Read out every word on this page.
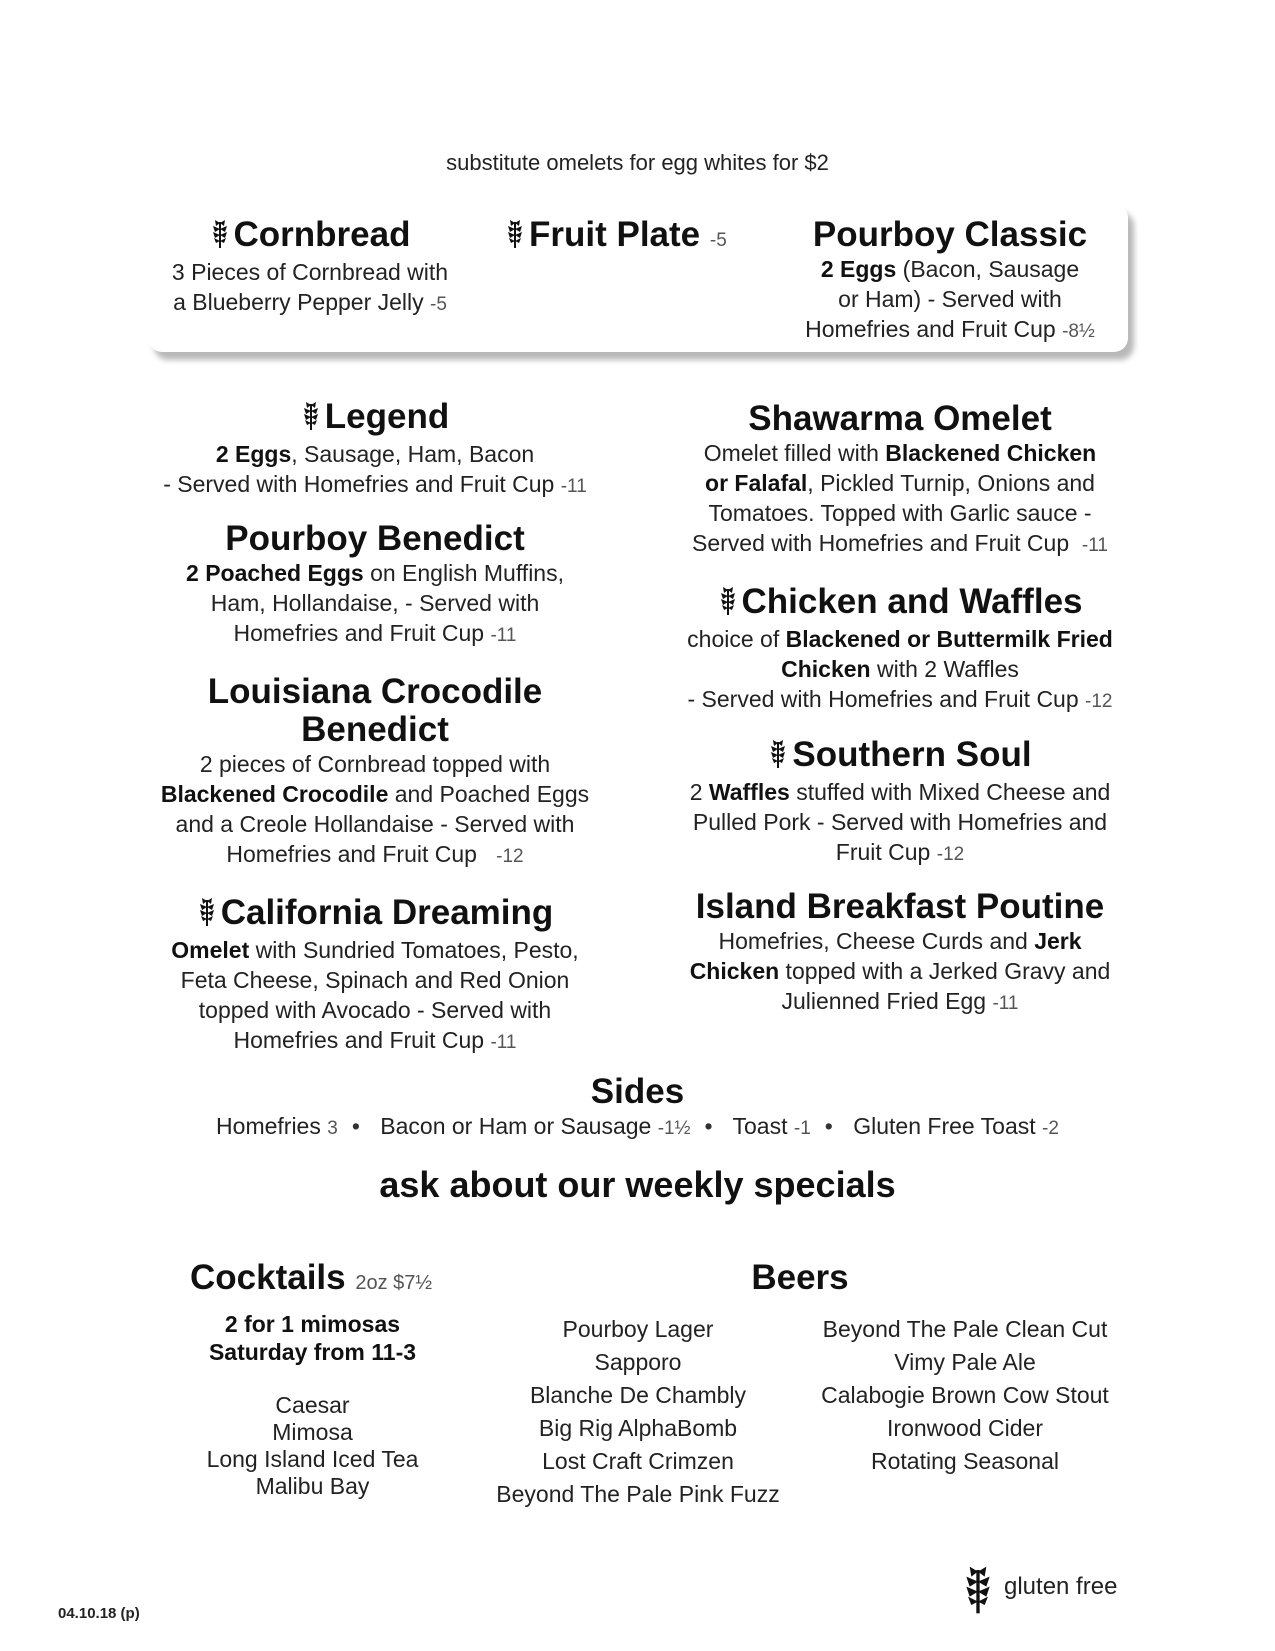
substitute omelets for egg whites for $2
Cornbread
3 Pieces of Cornbread with
a Blueberry Pepper Jelly -5
Fruit Plate -5	Pourboy Classic
2 Eggs (Bacon, Sausage
or Ham) - Served with
Homefries and Fruit Cup -8½
Legend
2 Eggs, Sausage, Ham, Bacon
- Served with Homefries and Fruit Cup -11
Pourboy Benedict
2 Poached Eggs on English Muffins,
Ham, Hollandaise, - Served with
Homefries and Fruit Cup -11
Louisiana Crocodile
Benedict
2 pieces of Cornbread topped with
Blackened Crocodile and Poached Eggs
and a Creole Hollandaise - Served with
Homefries and Fruit Cup -12
California Dreaming
Omelet with Sundried Tomatoes, Pesto,
Feta Cheese, Spinach and Red Onion
topped with Avocado - Served with
Homefries and Fruit Cup -11
Shawarma Omelet
Omelet filled with Blackened Chicken
or Falafal, Pickled Turnip, Onions and
Tomatoes. Topped with Garlic sauce -
Served with Homefries and Fruit Cup -11
Chicken and Waffles
choice of Blackened or Buttermilk Fried
Chicken with 2 Waffles
- Served with Homefries and Fruit Cup -12
Southern Soul
2 Waffles stuffed with Mixed Cheese and
Pulled Pork - Served with Homefries and
Fruit Cup -12
Island Breakfast Poutine
Homefries, Cheese Curds and Jerk
Chicken topped with a Jerked Gravy and
Julienned Fried Egg -11
Sides
Homefries 3 • Bacon or Ham or Sausage -1½ • Toast -1 • Gluten Free Toast -2
ask about our weekly specials
Cocktails 2oz $7½
2 for 1 mimosas
Saturday from 11-3
Caesar
Mimosa
Long Island Iced Tea
Malibu Bay
Beers
Pourboy Lager
Sapporo
Blanche De Chambly
Big Rig AlphaBomb
Lost Craft Crimzen
Beyond The Pale Pink Fuzz
Beyond The Pale Clean Cut
Vimy Pale Ale
Calabogie Brown Cow Stout
Ironwood Cider
Rotating Seasonal
gluten free
04.10.18 (p)
